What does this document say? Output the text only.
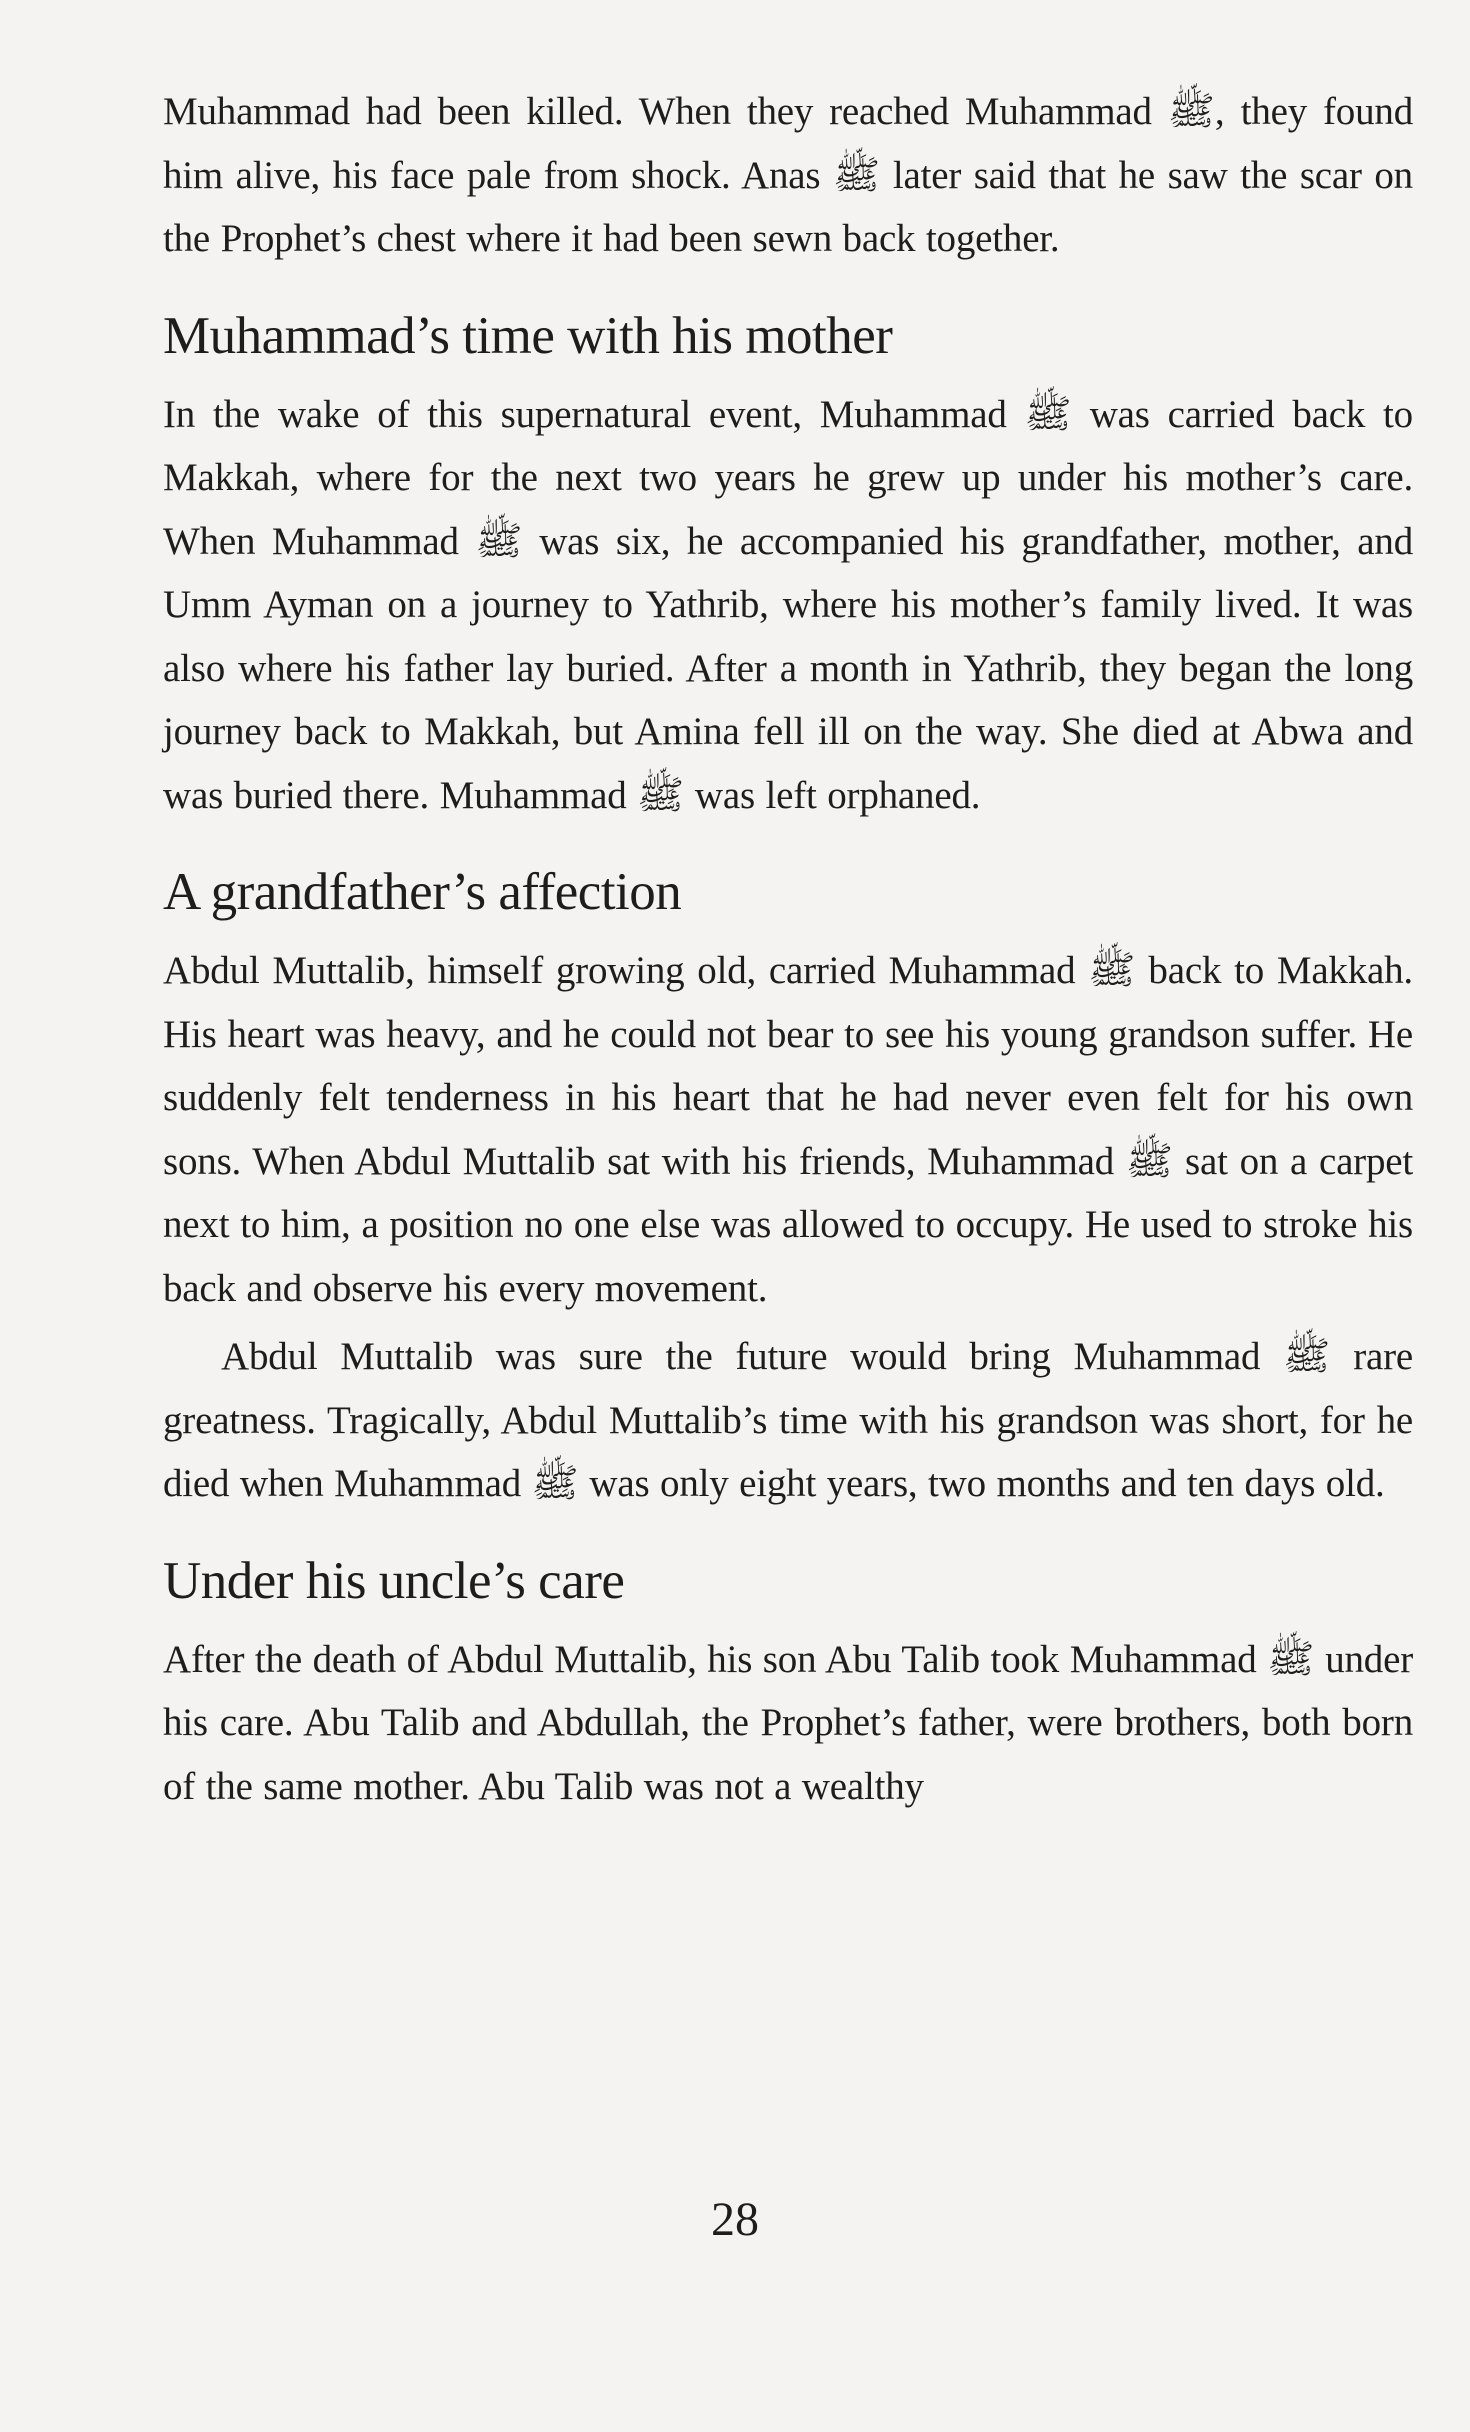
Muhammad had been killed. When they reached Muhammad ﷺ, they found him alive, his face pale from shock. Anas ﷺ later said that he saw the scar on the Prophet’s chest where it had been sewn back together.

Muhammad’s time with his mother

In the wake of this supernatural event, Muhammad ﷺ was carried back to Makkah, where for the next two years he grew up under his mother’s care. When Muhammad ﷺ was six, he accompanied his grandfather, mother, and Umm Ayman on a journey to Yathrib, where his mother’s family lived. It was also where his father lay buried. After a month in Yathrib, they began the long journey back to Makkah, but Amina fell ill on the way. She died at Abwa and was buried there. Muhammad ﷺ was left orphaned.

A grandfather’s affection

Abdul Muttalib, himself growing old, carried Muhammad ﷺ back to Makkah. His heart was heavy, and he could not bear to see his young grandson suffer. He suddenly felt tenderness in his heart that he had never even felt for his own sons. When Abdul Muttalib sat with his friends, Muhammad ﷺ sat on a carpet next to him, a position no one else was allowed to occupy. He used to stroke his back and observe his every movement.

Abdul Muttalib was sure the future would bring Muhammad ﷺ rare greatness. Tragically, Abdul Muttalib’s time with his grandson was short, for he died when Muhammad ﷺ was only eight years, two months and ten days old.

Under his uncle’s care

After the death of Abdul Muttalib, his son Abu Talib took Muhammad ﷺ under his care. Abu Talib and Abdullah, the Prophet’s father, were brothers, both born of the same mother. Abu Talib was not a wealthy

28
